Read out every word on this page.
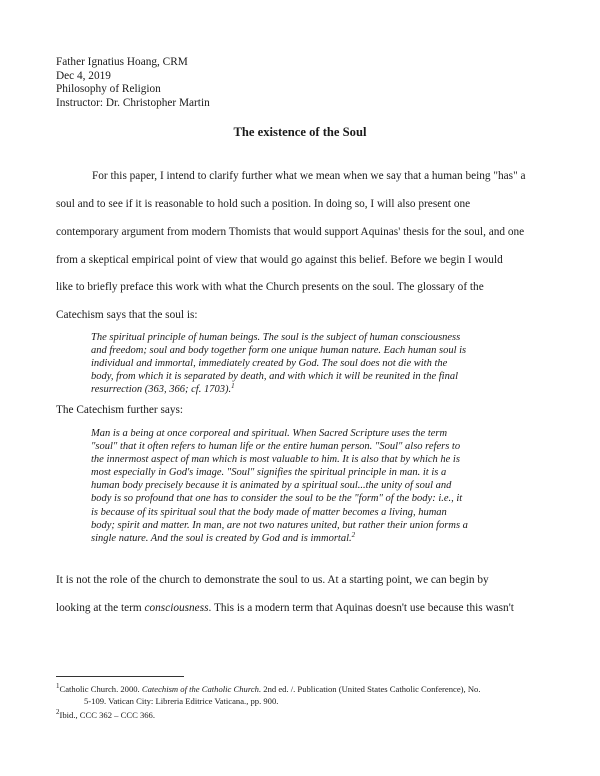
Father Ignatius Hoang, CRM
Dec 4, 2019
Philosophy of Religion
Instructor: Dr. Christopher Martin
The existence of the Soul
For this paper, I intend to clarify further what we mean when we say that a human being "has" a
soul and to see if it is reasonable to hold such a position. In doing so, I will also present one
contemporary argument from modern Thomists that would support Aquinas' thesis for the soul, and one
from a skeptical empirical point of view that would go against this belief. Before we begin I would
like to briefly preface this work with what the Church presents on the soul. The glossary of the
Catechism says that the soul is:
The spiritual principle of human beings. The soul is the subject of human consciousness
and freedom; soul and body together form one unique human nature. Each human soul is
individual and immortal, immediately created by God. The soul does not die with the
body, from which it is separated by death, and with which it will be reunited in the final
resurrection (363, 366; cf. 1703).$^1$
The Catechism further says:
Man is a being at once corporeal and spiritual. When Sacred Scripture uses the term
"soul" that it often refers to human life or the entire human person. "Soul" also refers to
the innermost aspect of man which is most valuable to him. It is also that by which he is
most especially in God's image. "Soul" signifies the spiritual principle in man. it is a
human body precisely because it is animated by a spiritual soul...the unity of soul and
body is so profound that one has to consider the soul to be the "form" of the body: i.e., it
is because of its spiritual soul that the body made of matter becomes a living, human
body; spirit and matter. In man, are not two natures united, but rather their union forms a
single nature. And the soul is created by God and is immortal.$^2$
It is not the role of the church to demonstrate the soul to us. At a starting point, we can begin by
looking at the term consciousness. This is a modern term that Aquinas doesn't use because this wasn't
$^1$Catholic Church. 2000. Catechism of the Catholic Church. 2nd ed. /. Publication (United States Catholic Conference), No.
5-109. Vatican City: Libreria Editrice Vaticana., pp. 900.
$^2$Ibid., CCC 362 – CCC 366.
